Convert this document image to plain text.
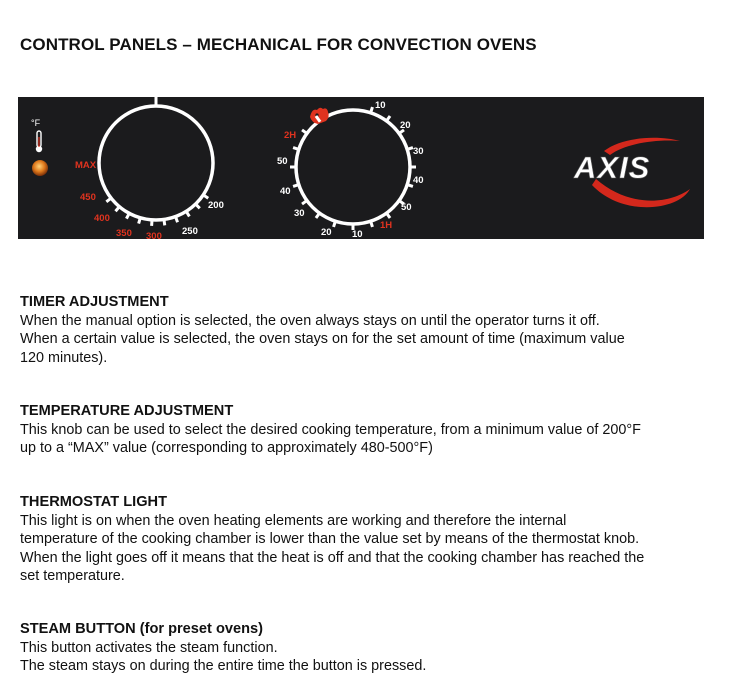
CONTROL PANELS – MECHANICAL FOR CONVECTION OVENS
°F
MAX
450
400
350 300 250
200
2H
10
20
30
40
50
1H
10
20
30
40
50	AXIS
TIMER ADJUSTMENT

When the manual option is selected, the oven always stays on until the operator turns it off.

When a certain value is selected, the oven stays on for the set amount of time (maximum value

120 minutes).

TEMPERATURE ADJUSTMENT

This knob can be used to select the desired cooking temperature, from a minimum value of 200°F

up to a “MAX” value (corresponding to approximately 480-500°F)

THERMOSTAT LIGHT

This light is on when the oven heating elements are working and therefore the internal

temperature of the cooking chamber is lower than the value set by means of the thermostat knob.

When the light goes off it means that the heat is off and that the cooking chamber has reached the

set temperature.

STEAM BUTTON (for preset ovens)

This button activates the steam function.

The steam stays on during the entire time the button is pressed.
